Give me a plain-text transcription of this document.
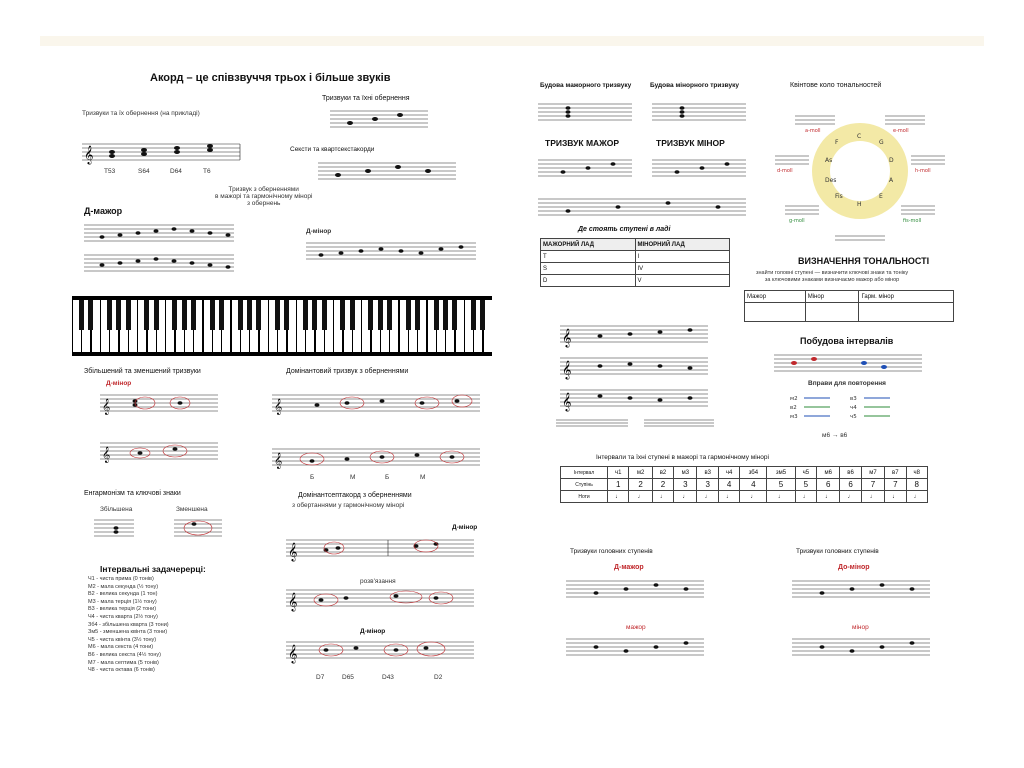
Акорд – це співзвуччя трьох і більше звуків
Тризвуки та їхні обернення
Тризвуки та їх обернення (на прикладі)
𝄞
T53	S64	D64	T6
Сексти та квартсекстакорди
Тризвук з оберненнями
в мажорі та гармонічному мінорі
з обернень
Д-мажор
Д-мінор
Збільшений та зменшений тризвуки
Д-мінор
𝄞
𝄞
Енгармонізм та ключові знаки
Збільшена	Зменшена
Інтервальні задачерерці:
Ч1 - чиста прима (0 тонів)
М2 - мала секунда (½ тону)
В2 - велика секунда (1 тон)
М3 - мала терція (1½ тону)
В3 - велика терція (2 тони)
Ч4 - чиста кварта (2½ тону)
Зб4 - збільшена кварта (3 тони)
Зм5 - зменшена квінта (3 тони)
Ч5 - чиста квінта (3½ тону)
М6 - мала секста (4 тони)
В6 - велика секста (4½ тону)
М7 - мала септима (5 тонів)
Ч8 - чиста октава (6 тонів)
Домінантовий тризвук з оберненнями
𝄞
𝄞
Б	М	Б	М
Домінантсептакорд з оберненнями
з обертаннями у гармонічному мінорі
Д-мінор
𝄞
розв'язання
𝄞
Д-мінор
𝄞
D7	D65	D43	D2
Будова мажорного тризвуку	Будова мінорного тризвуку
ТРИЗВУК МАЖОР	ТРИЗВУК МІНОР
Де стоять ступені в ладі
МАЖОРНИЙ ЛАД	МІНОРНИЙ ЛАД
T	I
S	IV
D	V
𝄞
𝄞
𝄞
Квінтове коло тональностей
C
G
D
A
E
H
Fis
Des
As
F
a-moll	e-moll
d-moll	h-moll
g-moll	fis-moll
ВИЗНАЧЕННЯ ТОНАЛЬНОСТІ
знайти головні ступені — визначити ключові знаки та тоніку
за ключовими знаками визначаємо мажор або мінор
Мажор	Мінор	Гарм. мінор

Побудова інтервалів
Вправи для повторення
м2
в2
м3
в3
ч4
ч5
м6 → в6
Інтервали та їхні ступені в мажорі та гармонічному мінорі
Інтервал	ч1	м2	в2	м3	в3	ч4	зб4	зм5	ч5	м6	в6	м7	в7	ч8
Ступінь	1	2	2	3	3	4	4	5	5	6	6	7	7	8
Ноти	♩	♩	♩	♩	♩	♩	♩	♩	♩	♩	♩	♩	♩	♩
Тризвуки головних ступенів
Д-мажор
мажор
Тризвуки головних ступенів
До-мінор
мінор
